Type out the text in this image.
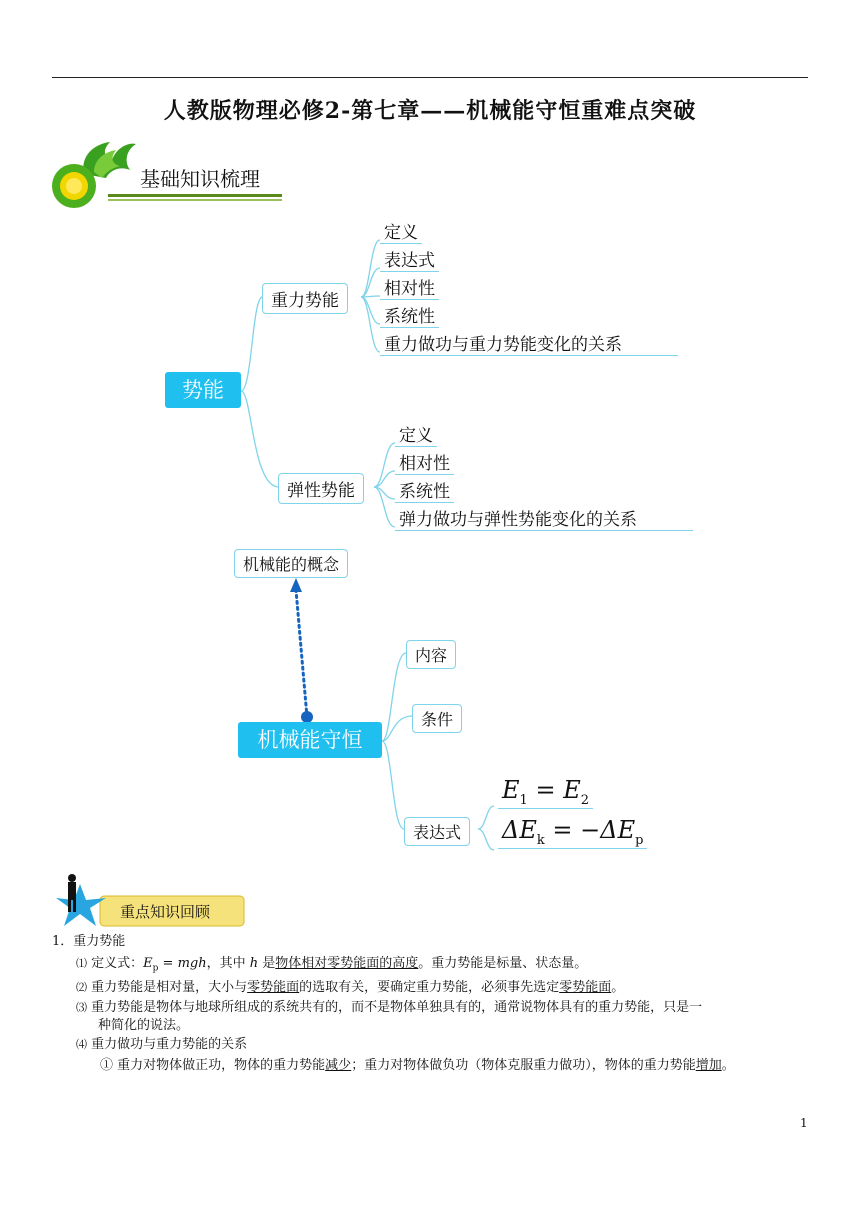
人教版物理必修2-第七章——机械能守恒重难点突破
基础知识梳理
势能
重力势能
定义
表达式
相对性
系统性
重力做功与重力势能变化的关系
弹性势能
定义
相对性
系统性
弹力做功与弹性势能变化的关系
机械能的概念
机械能守恒
内容
条件
表达式
$E_1 = E_2$
$\Delta E_k = -\Delta E_p$
重点知识回顾
1．重力势能
⑴ 定义式：$E_p$ = mgh，其中 h 是物体相对零势能面的高度。重力势能是标量、状态量。
⑵ 重力势能是相对量，大小与零势能面的选取有关，要确定重力势能，必须事先选定零势能面。
⑶ 重力势能是物体与地球所组成的系统共有的，而不是物体单独具有的，通常说物体具有的重力势能，只是一
种简化的说法。
⑷ 重力做功与重力势能的关系
① 重力对物体做正功，物体的重力势能减少；重力对物体做负功（物体克服重力做功），物体的重力势能增加。
1
